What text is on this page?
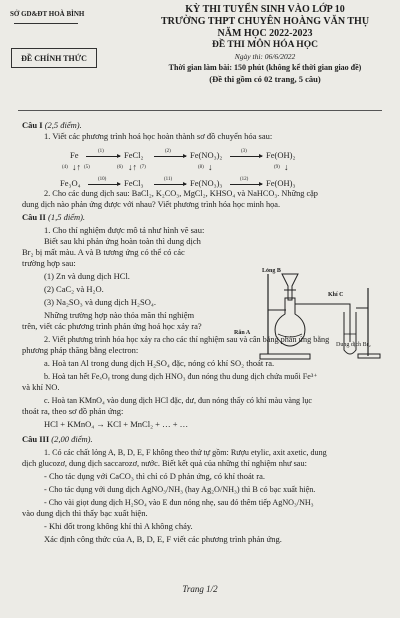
SỞ GD&ĐT HOÀ BÌNH
ĐỀ CHÍNH THỨC
KỲ THI TUYỂN SINH VÀO LỚP 10
TRƯỜNG THPT CHUYÊN HOÀNG VĂN THỤ
NĂM HỌC 2022-2023
ĐỀ THI MÔN HÓA HỌC
Ngày thi: 06/6/2022
Thời gian làm bài: 150 phút (không kể thời gian giao đề)
(Đề thi gồm có 02 trang, 5 câu)
Câu I (2,5 điểm).
1. Viết các phương trình hoá học hoàn thành sơ đồ chuyển hóa sau:
Fe	(1) FeCl₂	(2) Fe(NO₃)₂	(3) Fe(OH)₂
(4) ↓↑ (5)	(6) ↓↑ (7)	(8) ↓	(9) ↓
Fe₃O₄	(10) FeCl₃	(11) Fe(NO₃)₃	(12) Fe(OH)₃
2. Cho các dung dịch sau: BaCl₂, K₂CO₃, MgCl₂, KHSO₄ và NaHCO₃. Những cặp
dung dịch nào phản ứng được với nhau? Viết phương trình hóa học minh họa.
Câu II (1,5 điểm).
1. Cho thí nghiệm được mô tả như hình vẽ sau:
Biết sau khi phản ứng hoàn toàn thì dung dịch
Br₂ bị mất màu. A và B tương ứng có thể có các
trường hợp sau:
(1) Zn và dung dịch HCl.
(2) CaC₂ và H₂O.
(3) Na₂SO₃ và dung dịch H₂SO₄.
Những trường hợp nào thỏa mãn thí nghiệm
trên, viết các phương trình phản ứng hoá học xảy ra?
Lỏng B
Khí C
Rắn A
Dung dịch Br₂
2. Viết phương trình hóa học xảy ra cho các thí nghiệm sau và cân bằng phản ứng bằng
phương pháp thăng bằng electron:
a. Hoà tan Al trong dung dịch H₂SO₄ đặc, nóng có khí SO₂ thoát ra.
b. Hoà tan hết FeₓOᵧ trong dung dịch HNO₃ đun nóng thu dung dịch chứa muối Fe³⁺
và khí NO.
c. Hoà tan KMnO₄ vào dung dịch HCl đặc, dư, đun nóng thấy có khí màu vàng lục
thoát ra, theo sơ đồ phản ứng:
HCl + KMnO₄ → KCl + MnCl₂ + … + …
Câu III (2,00 điểm).
1. Có các chất lỏng A, B, D, E, F không theo thứ tự gồm: Rượu etylic, axit axetic, dung
dịch glucozơ, dung dịch saccarozơ, nước. Biết kết quả của những thí nghiệm như sau:
- Cho tác dụng với CaCO₃ thì chỉ có D phản ứng, có khí thoát ra.
- Cho tác dụng với dung dịch AgNO₃/NH₃ (hay Ag₂O/NH₃) thì B có bạc xuất hiện.
- Cho vài giọt dung dịch H₂SO₄ vào E đun nóng nhẹ, sau đó thêm tiếp AgNO₃/NH₃
vào dung dịch thì thấy bạc xuất hiện.
- Khi đốt trong không khí thì A không cháy.
Xác định công thức của A, B, D, E, F viết các phương trình phản ứng.
Trang 1/2
